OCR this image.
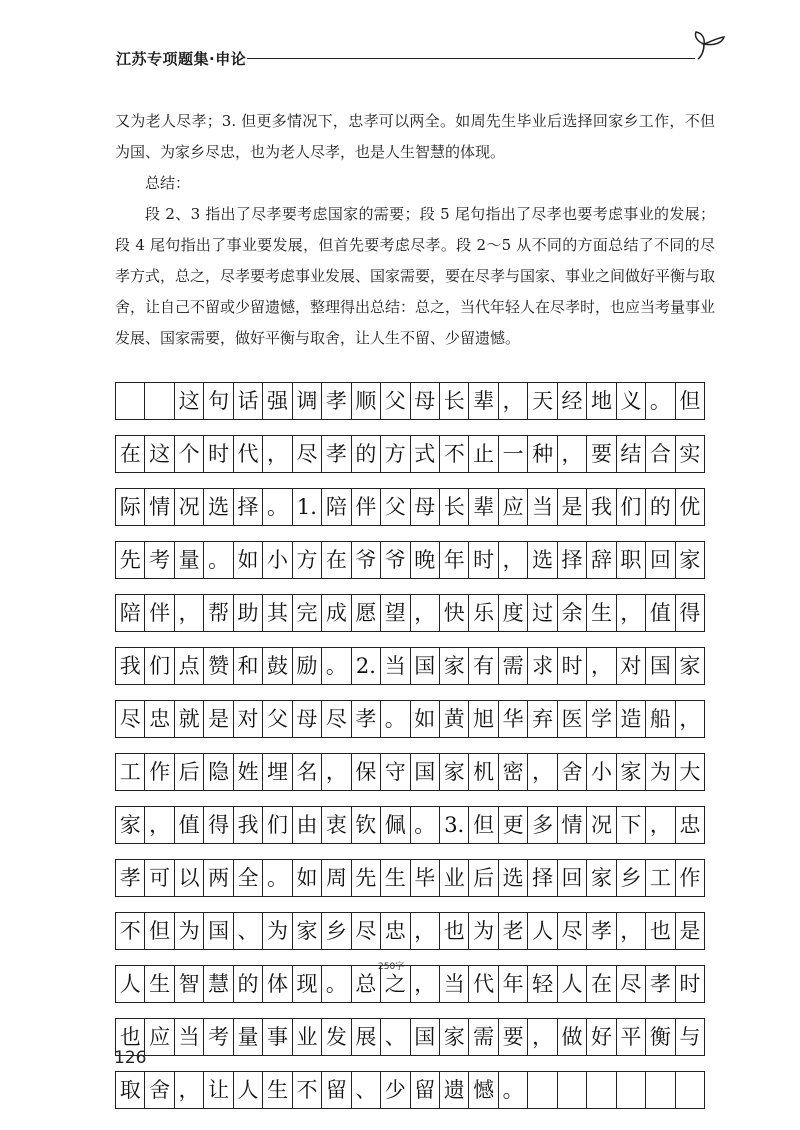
江苏专项题集·申论

又为老人尽孝；3. 但更多情况下，忠孝可以两全。如周先生毕业后选择回家乡工作，不但为国、为家乡尽忠，也为老人尽孝，也是人生智慧的体现。

总结：

段 2、3 指出了尽孝要考虑国家的需要；段 5 尾句指出了尽孝也要考虑事业的发展；段 4 尾句指出了事业要发展，但首先要考虑尽孝。段 2～5 从不同的方面总结了不同的尽孝方式，总之，尽孝要考虑事业发展、国家需要，要在尽孝与国家、事业之间做好平衡与取舍，让自己不留或少留遗憾，整理得出总结：总之，当代年轻人在尽孝时，也应当考量事业发展、国家需要，做好平衡与取舍，让人生不留、少留遗憾。

这 句 话 强 调 孝 顺 父 母 长 辈 ， 天 经 地 义 。 但
在 这 个 时 代 ， 尽 孝 的 方 式 不 止 一 种 ， 要 结 合 实
际 情 况 选 择 。 1. 陪 伴 父 母 长 辈 应 当 是 我 们 的 优
先 考 量 。 如 小 方 在 爷 爷 晚 年 时 ， 选 择 辞 职 回 家
陪 伴 ， 帮 助 其 完 成 愿 望 ， 快 乐 度 过 余 生 ， 值 得
我 们 点 赞 和 鼓 励 。 2. 当 国 家 有 需 求 时 ， 对 国 家
尽 忠 就 是 对 父 母 尽 孝 。 如 黄 旭 华 弃 医 学 造 船 ，
工 作 后 隐 姓 埋 名 ， 保 守 国 家 机 密 ， 舍 小 家 为 大
家 ， 值 得 我 们 由 衷 钦 佩 。 3. 但 更 多 情 况 下 ， 忠
孝 可 以 两 全 。 如 周 先 生 毕 业 后 选 择 回 家 乡 工 作
不 但 为 国 、 为 家 乡 尽 忠 ， 也 为 老 人 尽 孝 ， 也 是
人 生 智 慧 的 体 现 。 总 之 ， 当 代 年 轻 人 在 尽 孝 时
也 应 当 考 量 事 业 发 展 、 国 家 需 要 ， 做 好 平 衡 与
取 舍 ， 让 人 生 不 留 、 少 留 遗 憾 。
250字
126
